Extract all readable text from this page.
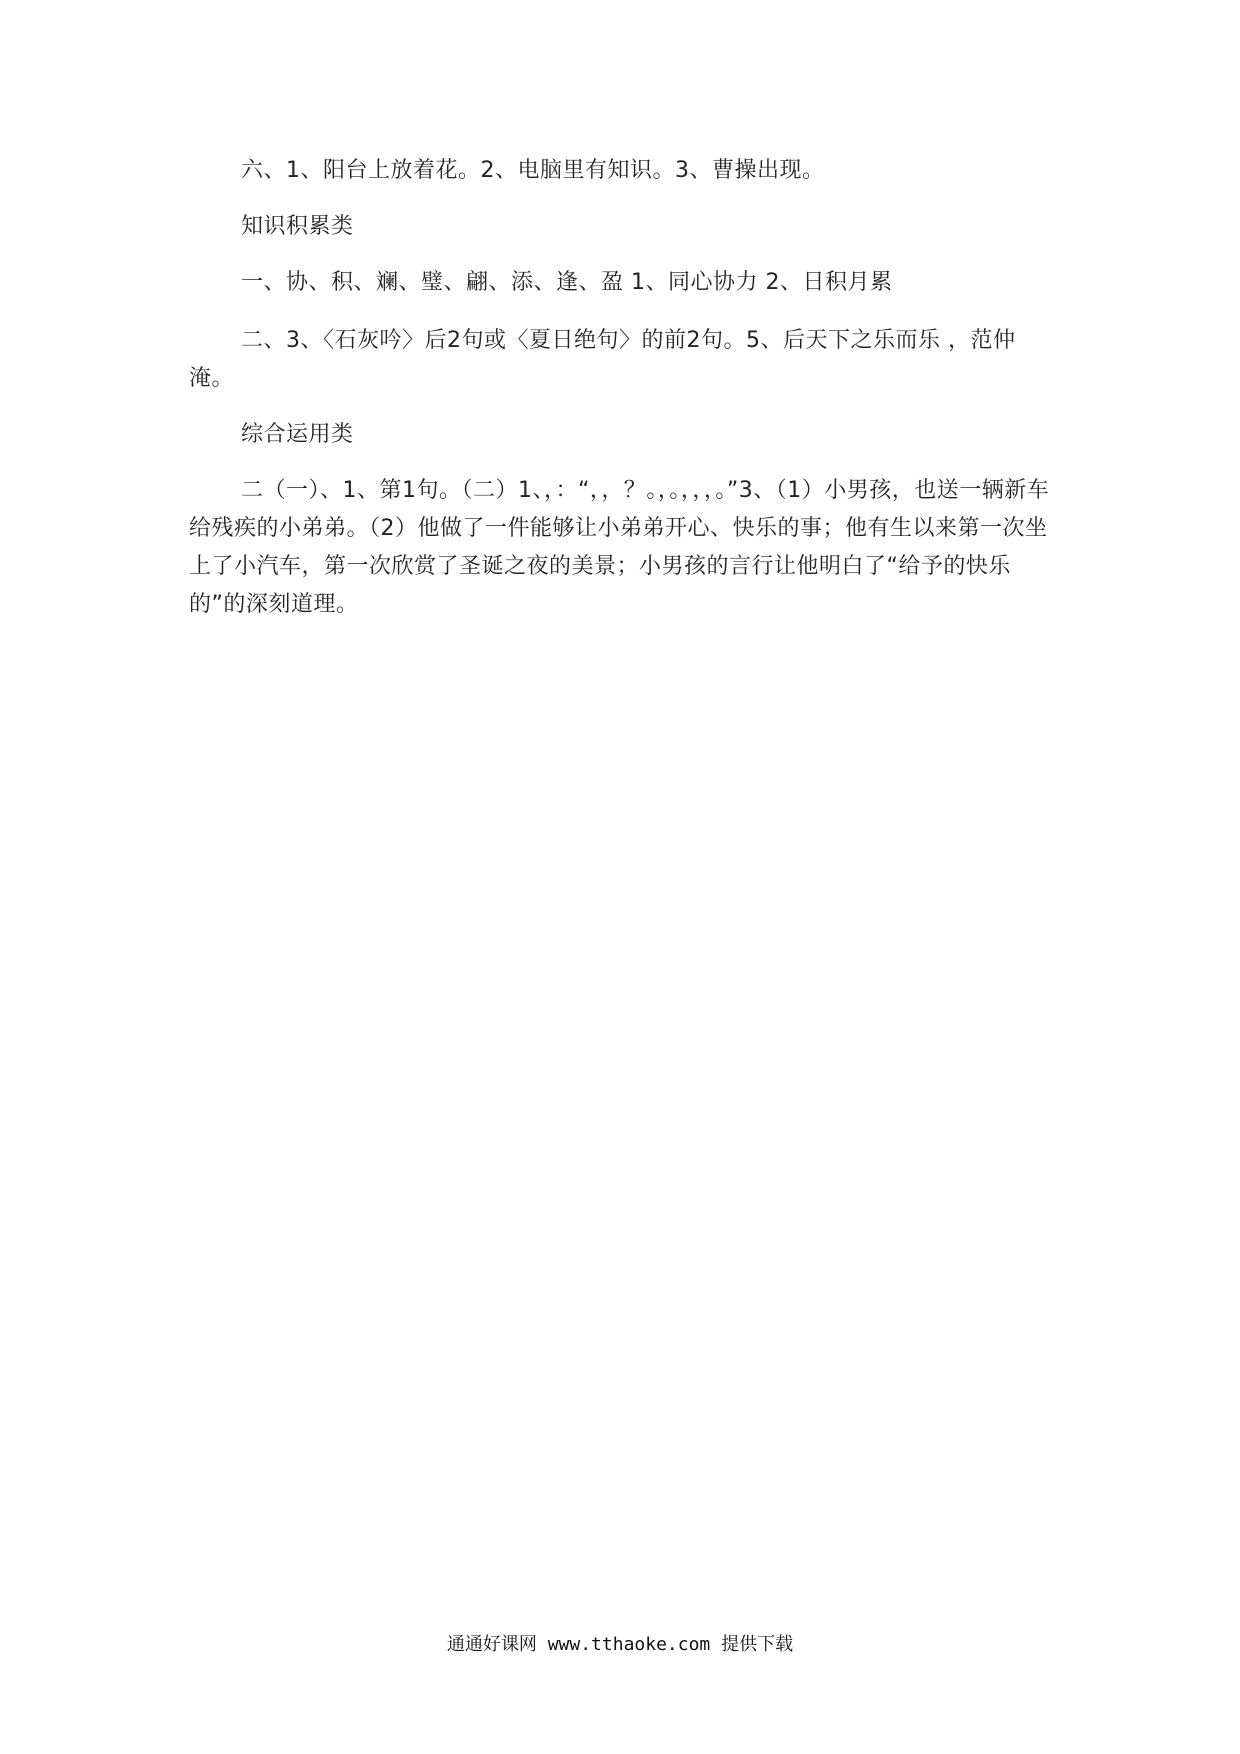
六、1、阳台上放着花。2、电脑里有知识。3、曹操出现。

知识积累类

一、协、积、斓、璧、翩、添、逢、盈 1、同心协力 2、日积月累

二、3、〈石灰吟〉后2句或〈夏日绝句〉的前2句。5、后天下之乐而乐 ，范仲淹。

综合运用类

二（一）、1、第1句。（二）1、，：“，，？。，。，，，。”3、（1）小男孩，也送一辆新车给残疾的小弟弟。（2）他做了一件能够让小弟弟开心、快乐的事；他有生以来第一次坐上了小汽车，第一次欣赏了圣诞之夜的美景；小男孩的言行让他明白了“给予的快乐的”的深刻道理。

通通好课网 www.tthaoke.com 提供下载
